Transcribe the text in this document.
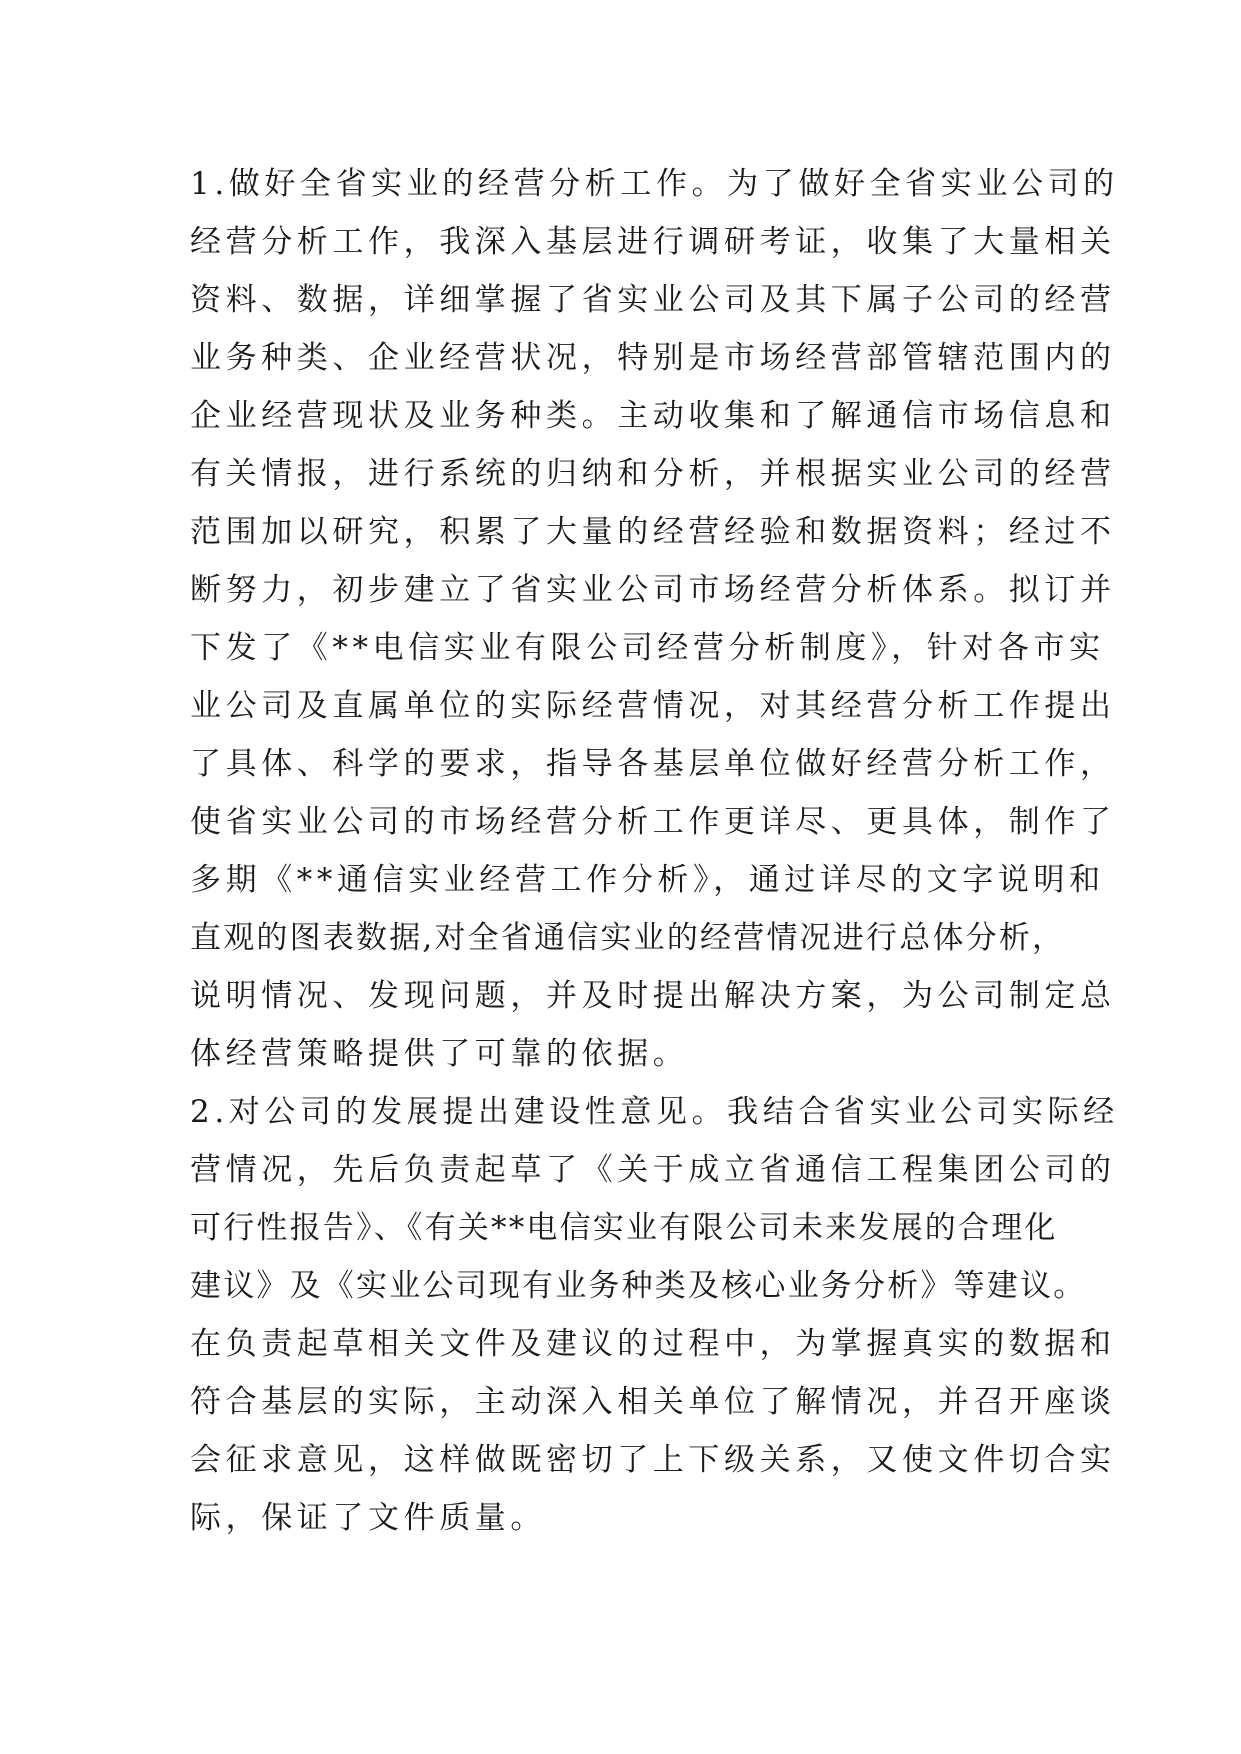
1.做好全省实业的经营分析工作。为了做好全省实业公司的
经营分析工作，我深入基层进行调研考证，收集了大量相关
资料、数据，详细掌握了省实业公司及其下属子公司的经营
业务种类、企业经营状况，特别是市场经营部管辖范围内的
企业经营现状及业务种类。主动收集和了解通信市场信息和
有关情报，进行系统的归纳和分析，并根据实业公司的经营
范围加以研究，积累了大量的经营经验和数据资料；经过不
断努力，初步建立了省实业公司市场经营分析体系。拟订并
下发了《**电信实业有限公司经营分析制度》，针对各市实
业公司及直属单位的实际经营情况，对其经营分析工作提出
了具体、科学的要求，指导各基层单位做好经营分析工作，
使省实业公司的市场经营分析工作更详尽、更具体，制作了
多期《**通信实业经营工作分析》，通过详尽的文字说明和
直观的图表数据,对全省通信实业的经营情况进行总体分析，
说明情况、发现问题，并及时提出解决方案，为公司制定总
体经营策略提供了可靠的依据。
2.对公司的发展提出建设性意见。我结合省实业公司实际经
营情况，先后负责起草了《关于成立省通信工程集团公司的
可行性报告》、《有关**电信实业有限公司未来发展的合理化
建议》及《实业公司现有业务种类及核心业务分析》等建议。
在负责起草相关文件及建议的过程中，为掌握真实的数据和
符合基层的实际，主动深入相关单位了解情况，并召开座谈
会征求意见，这样做既密切了上下级关系，又使文件切合实
际，保证了文件质量。
